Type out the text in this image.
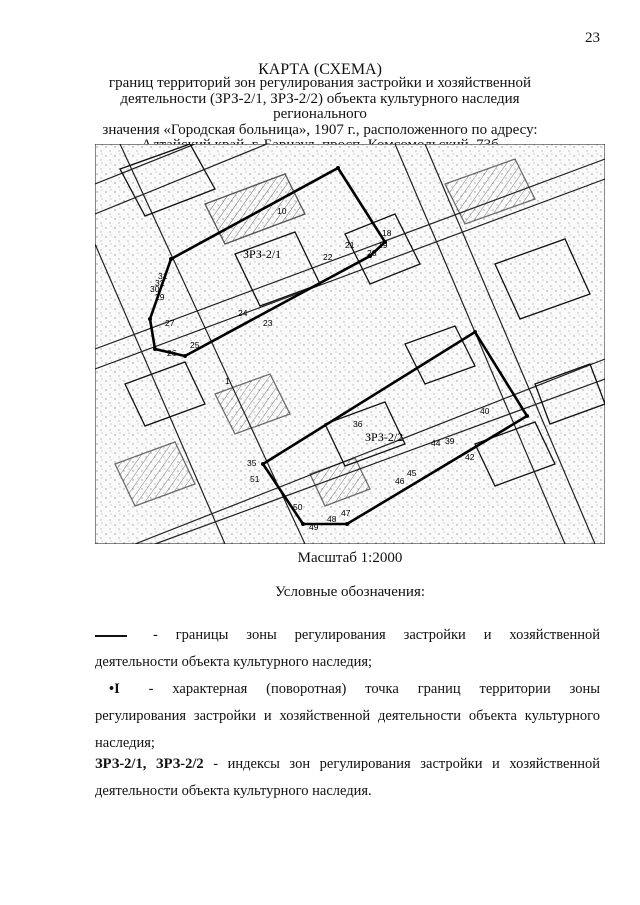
23
КАРТА (СХЕМА)
границ территорий зон регулирования застройки и хозяйственной
деятельности (ЗРЗ-2/1, ЗРЗ-2/2) объекта культурного наследия регионального
значения «Городская больница», 1907 г., расположенного по адресу:
ЗРЗ-2/1
ЗРЗ-2/2
10
18
19
20
21
22
23
24
25
26
27
29
30
31
32
35
36
39
40
42
44
45
46
47
48
49
50
51
1
Масштаб 1:2000
Условные обозначения:
- границы зоны регулирования застройки и хозяйственной
деятельности объекта культурного наследия;
•I - характерная (поворотная) точка границ территории зоны
регулирования застройки и хозяйственной деятельности объекта культурного
наследия;
ЗРЗ-2/1, ЗРЗ-2/2 - индексы зон регулирования застройки и хозяйственной
деятельности объекта культурного наследия.
